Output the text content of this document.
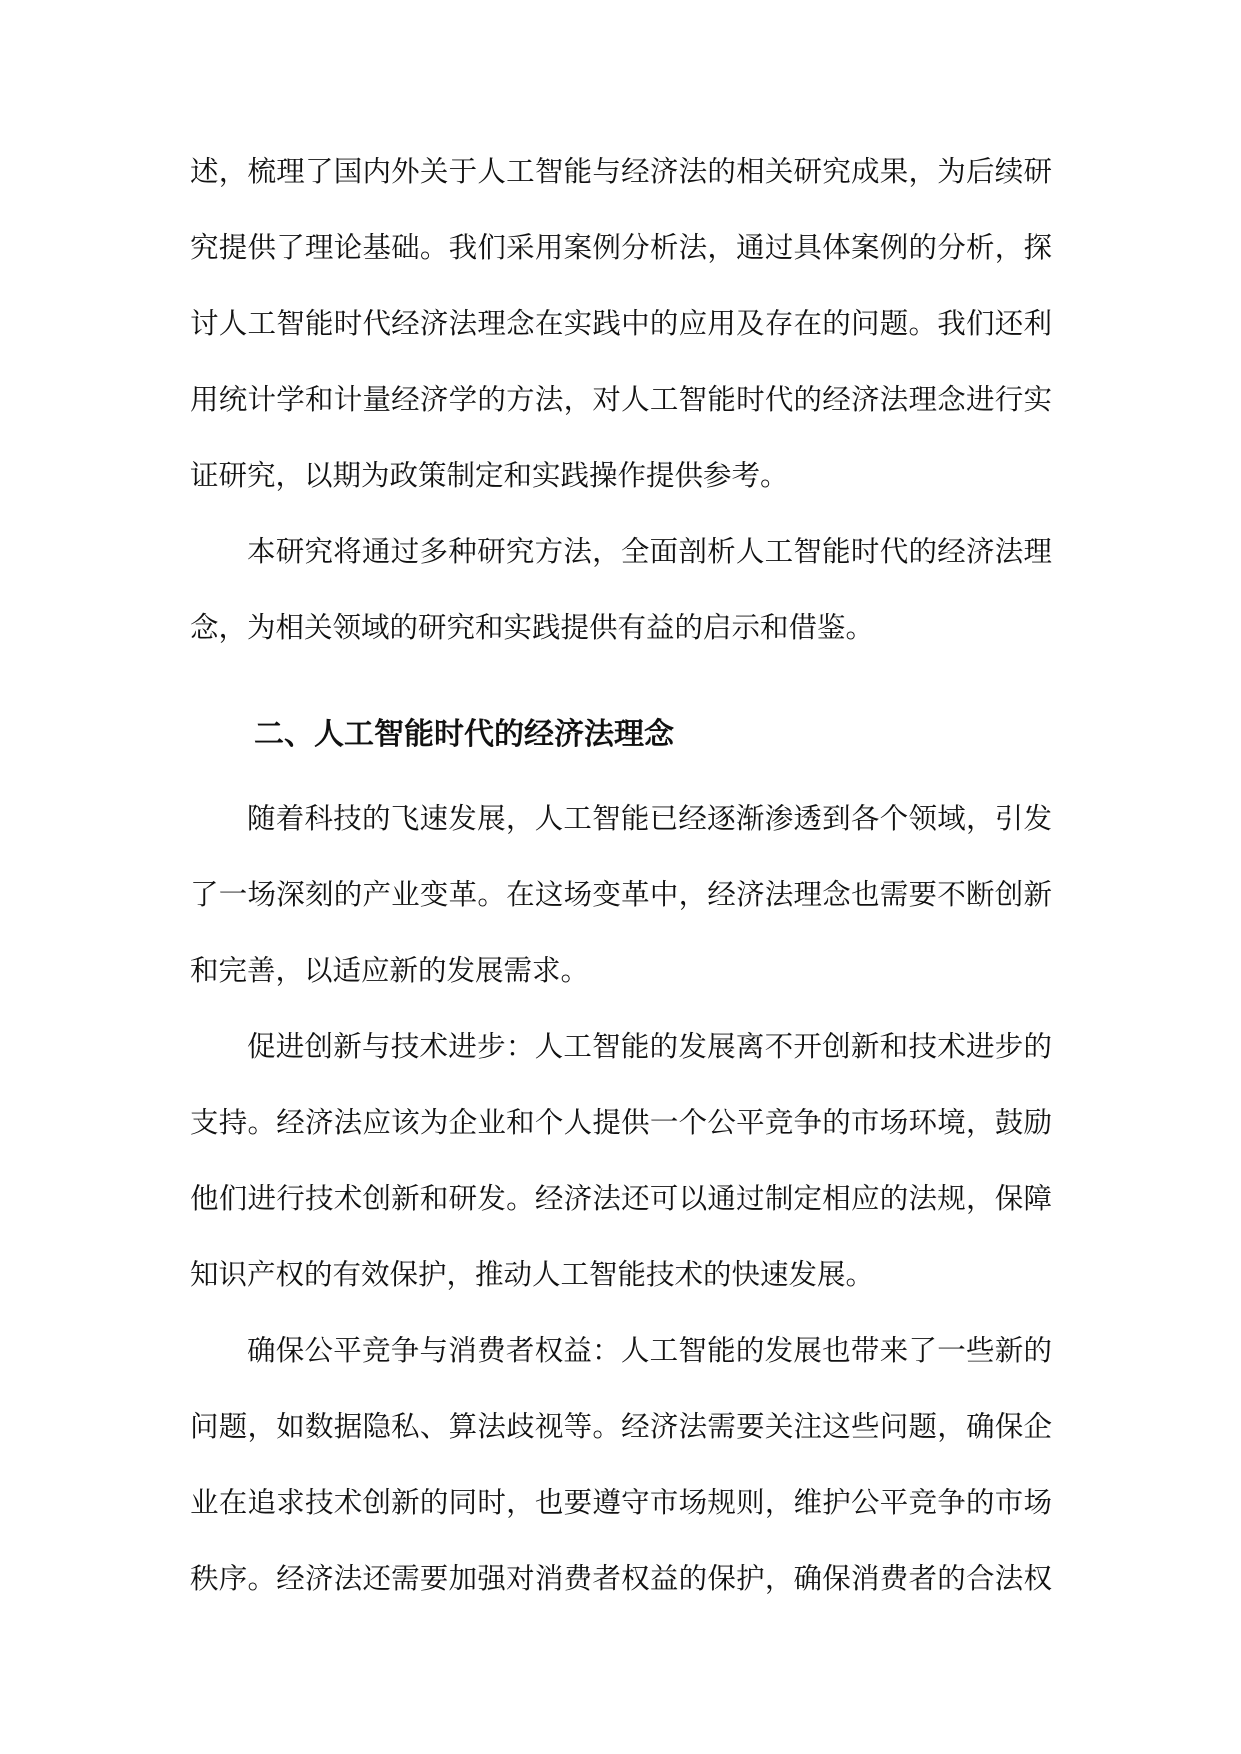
述，梳理了国内外关于人工智能与经济法的相关研究成果，为后续研
究提供了理论基础。我们采用案例分析法，通过具体案例的分析，探
讨人工智能时代经济法理念在实践中的应用及存在的问题。我们还利
用统计学和计量经济学的方法，对人工智能时代的经济法理念进行实
证研究，以期为政策制定和实践操作提供参考。
本研究将通过多种研究方法，全面剖析人工智能时代的经济法理
念，为相关领域的研究和实践提供有益的启示和借鉴。
二、人工智能时代的经济法理念
随着科技的飞速发展，人工智能已经逐渐渗透到各个领域，引发
了一场深刻的产业变革。在这场变革中，经济法理念也需要不断创新
和完善，以适应新的发展需求。
促进创新与技术进步：人工智能的发展离不开创新和技术进步的
支持。经济法应该为企业和个人提供一个公平竞争的市场环境，鼓励
他们进行技术创新和研发。经济法还可以通过制定相应的法规，保障
知识产权的有效保护，推动人工智能技术的快速发展。
确保公平竞争与消费者权益：人工智能的发展也带来了一些新的
问题，如数据隐私、算法歧视等。经济法需要关注这些问题，确保企
业在追求技术创新的同时，也要遵守市场规则，维护公平竞争的市场
秩序。经济法还需要加强对消费者权益的保护，确保消费者的合法权
